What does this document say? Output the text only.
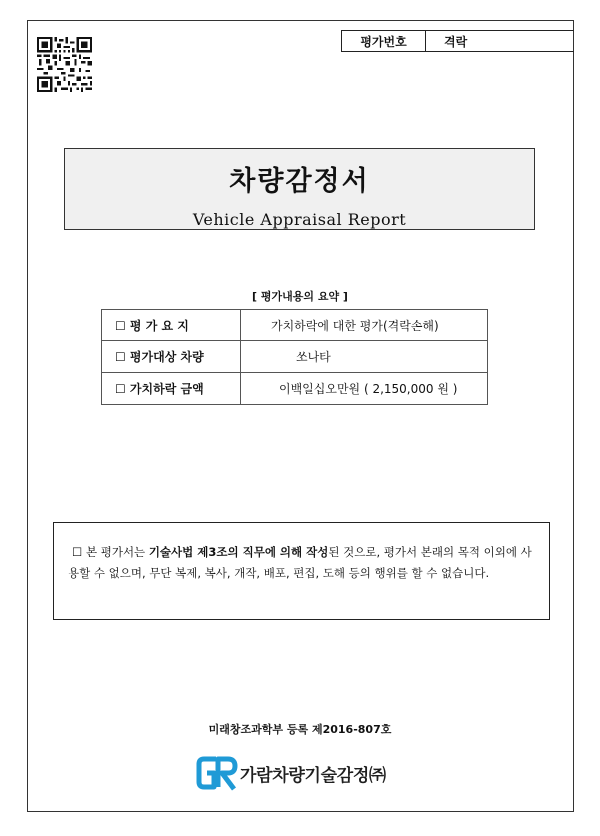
평가번호	격락
차량감정서
Vehicle Appraisal Report
[ 평가내용의 요약 ]
☐ 평 가 요 지	가치하락에 대한 평가(격락손해)
☐ 평가대상 차량	쏘나타
☐ 가치하락 금액	이백일십오만원 ( 2,150,000 원 )
☐ 본 평가서는 기술사법 제3조의 직무에 의해 작성된 것으로, 평가서 본래의 목적 이외에 사용할 수 없으며, 무단 복제, 복사, 개작, 배포, 편집, 도해 등의 행위를 할 수 없습니다.
미래창조과학부 등록 제2016-807호
가람차량기술감정㈜
